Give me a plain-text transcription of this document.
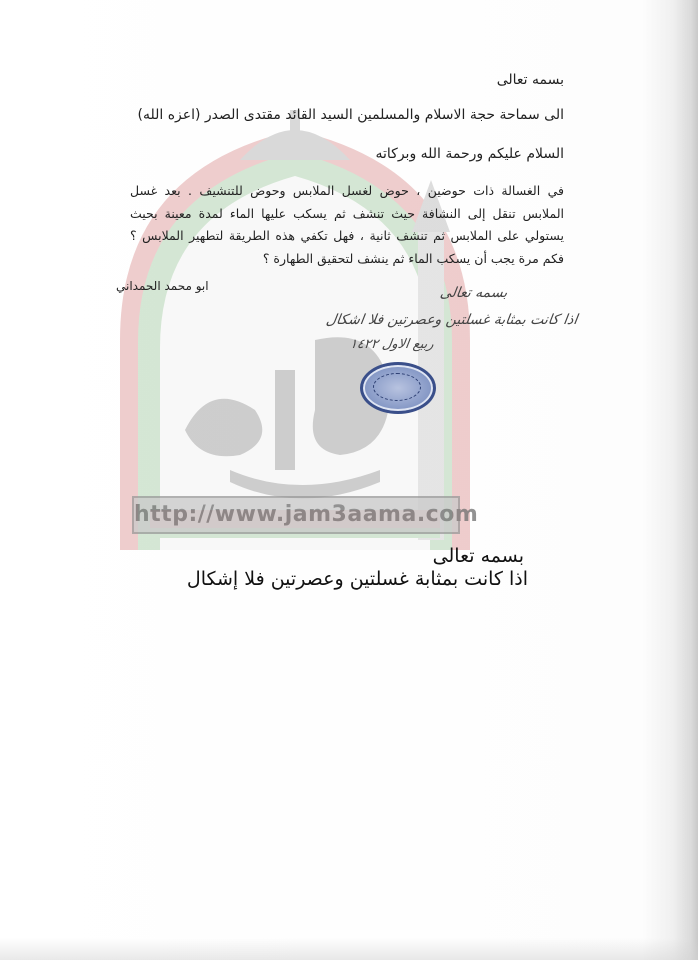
http://www.jam3aama.com
بسمه تعالى
الى سماحة حجة الاسلام والمسلمين السيد القائد مقتدى الصدر (اعزه الله)
السلام عليكم ورحمة الله وبركاته
في الغسالة ذات حوضين ، حوض لغسل الملابس وحوض للتنشيف . بعد غسل الملابس تنقل إلى النشافة حيث تنشف ثم يسكب عليها الماء لمدة معينة بحيث يستولي على الملابس ثم تنشف ثانية ، فهل تكفي هذه الطريقة لتطهير الملابس ؟ فكم مرة يجب أن يسكب الماء ثم ينشف لتحقيق الطهارة ؟
ابو محمد الحمداني	بسمه تعالى
اذا كانت بمثابة غسلتين وعصرتين فلا اشكال
ربيع الاول ١٤٢٢
بسمه تعالى
اذا كانت بمثابة غسلتين وعصرتين فلا إشكال
